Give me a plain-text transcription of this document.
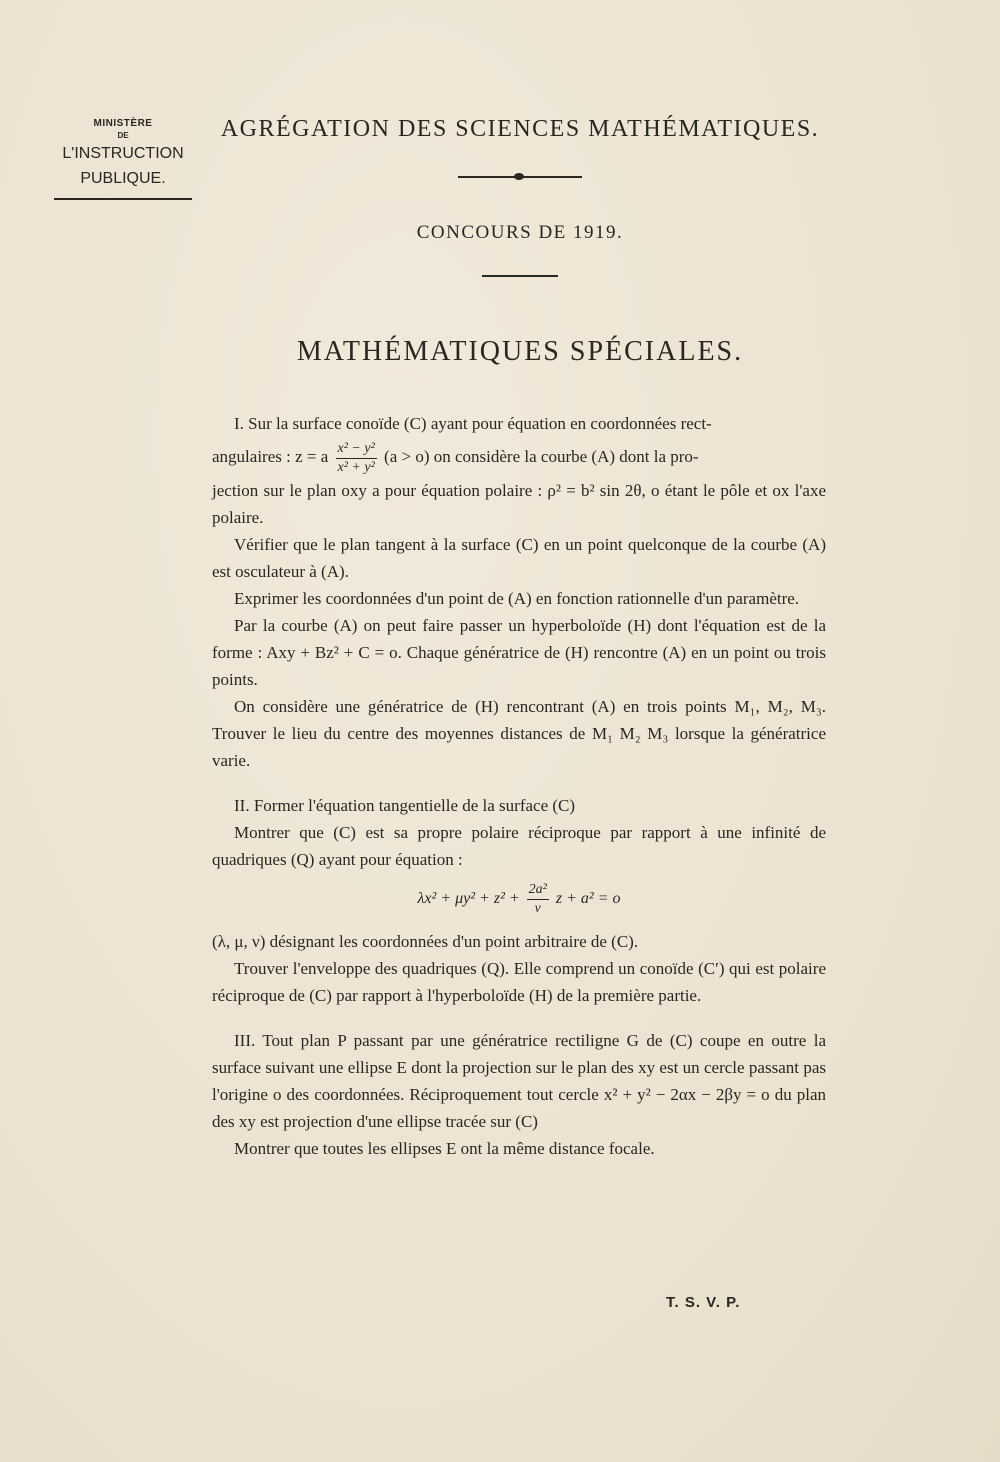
MINISTÈRE
DE
L'INSTRUCTION
PUBLIQUE.
AGRÉGATION DES SCIENCES MATHÉMATIQUES.
CONCOURS DE 1919.
MATHÉMATIQUES SPÉCIALES.

I. Sur la surface conoïde (C) ayant pour équation en coordonnées rect-

angulaires : z = a $\frac{\text{x² − y²}}{\text{x² + y²}} (a > o)$ on considère la courbe (A) dont la pro-

jection sur le plan oxy a pour équation polaire : ρ² = b² sin 2θ, o étant le pôle et ox l'axe polaire.

Vérifier que le plan tangent à la surface (C) en un point quelconque de la courbe (A) est osculateur à (A).

Exprimer les coordonnées d'un point de (A) en fonction rationnelle d'un paramètre.

Par la courbe (A) on peut faire passer un hyperboloïde (H) dont l'équation est de la forme : Axy + Bz² + C = o. Chaque génératrice de (H) rencontre (A) en un point ou trois points.

On considère une génératrice de (H) rencontrant (A) en trois points M₁, M₂, M₃. Trouver le lieu du centre des moyennes distances de M₁ M₂ M₃ lorsque la génératrice varie.

II. Former l'équation tangentielle de la surface (C)

Montrer que (C) est sa propre polaire réciproque par rapport à une infinité de quadriques (Q) ayant pour équation :

$\lambda x^2 + \mu y^2 + z^2 + \frac{\text{2a²}}{\nu}$ z + a² = o

(λ, μ, ν) désignant les coordonnées d'un point arbitraire de (C).

Trouver l'enveloppe des quadriques (Q). Elle comprend un conoïde (C′) qui est polaire réciproque de (C) par rapport à l'hyperboloïde (H) de la première partie.

III. Tout plan P passant par une génératrice rectiligne G de (C) coupe en outre la surface suivant une ellipse E dont la projection sur le plan des xy est un cercle passant pas l'origine o des coordonnées. Réciproquement tout cercle x² + y² − 2αx − 2βy = o du plan des xy est projection d'une ellipse tracée sur (C)

Montrer que toutes les ellipses E ont la même distance focale.

T. S. V. P.
